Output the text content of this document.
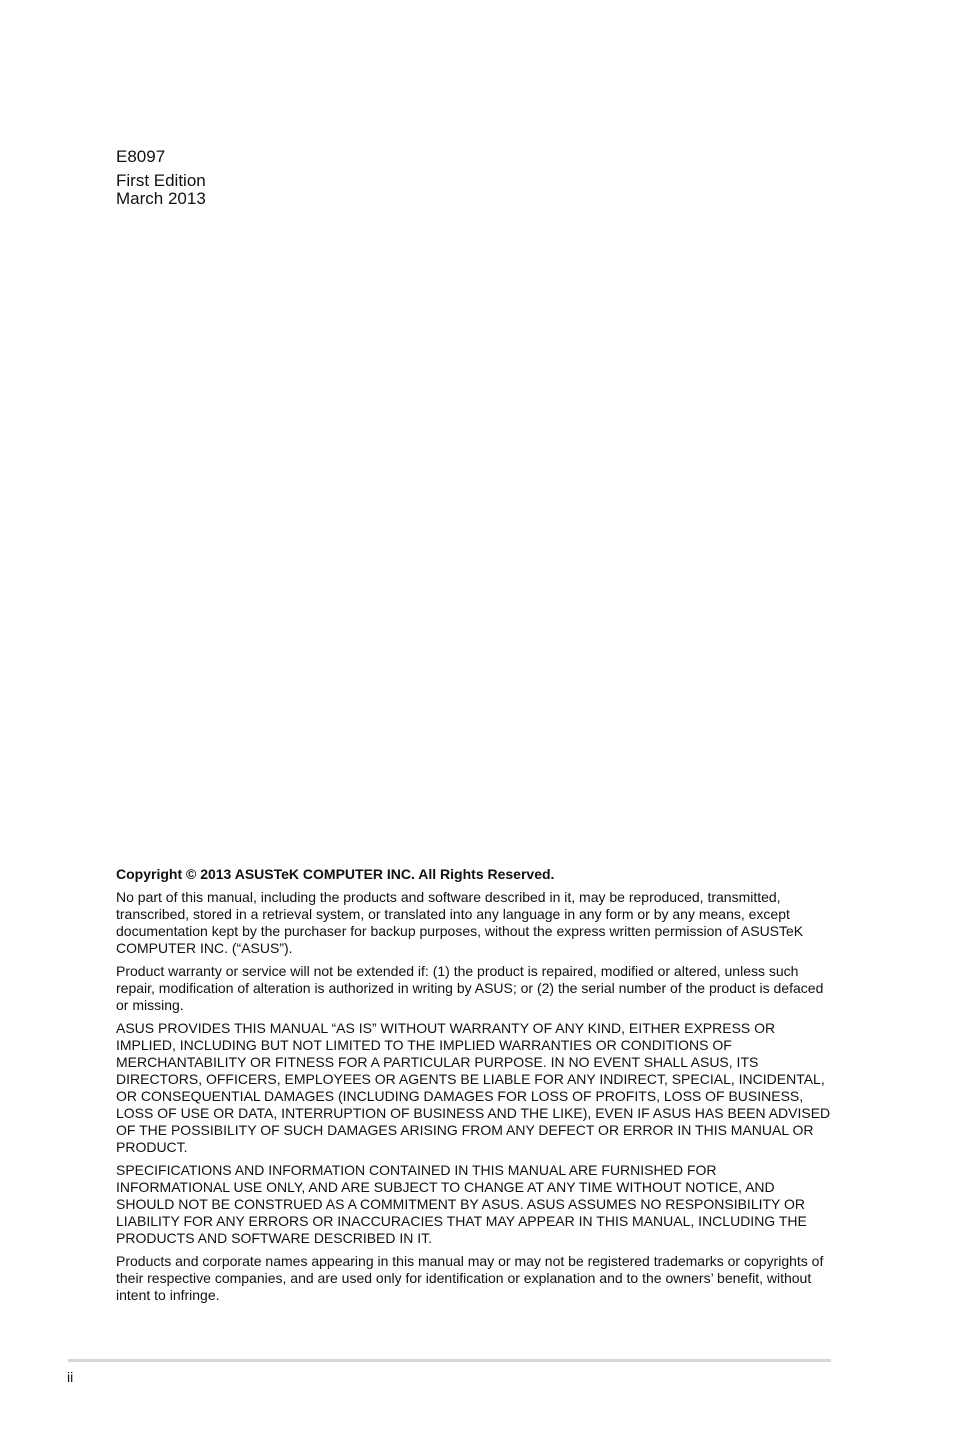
E8097
First Edition
March 2013

Copyright © 2013 ASUSTeK COMPUTER INC. All Rights Reserved.

No part of this manual, including the products and software described in it, may be reproduced, transmitted, transcribed, stored in a retrieval system, or translated into any language in any form or by any means, except documentation kept by the purchaser for backup purposes, without the express written permission of ASUSTeK COMPUTER INC. (“ASUS”).

Product warranty or service will not be extended if: (1) the product is repaired, modified or altered, unless such repair, modification of alteration is authorized in writing by ASUS; or (2) the serial number of the product is defaced or missing.

ASUS PROVIDES THIS MANUAL “AS IS” WITHOUT WARRANTY OF ANY KIND, EITHER EXPRESS OR IMPLIED, INCLUDING BUT NOT LIMITED TO THE IMPLIED WARRANTIES OR CONDITIONS OF MERCHANTABILITY OR FITNESS FOR A PARTICULAR PURPOSE. IN NO EVENT SHALL ASUS, ITS DIRECTORS, OFFICERS, EMPLOYEES OR AGENTS BE LIABLE FOR ANY INDIRECT, SPECIAL, INCIDENTAL, OR CONSEQUENTIAL DAMAGES (INCLUDING DAMAGES FOR LOSS OF PROFITS, LOSS OF BUSINESS, LOSS OF USE OR DATA, INTERRUPTION OF BUSINESS AND THE LIKE), EVEN IF ASUS HAS BEEN ADVISED OF THE POSSIBILITY OF SUCH DAMAGES ARISING FROM ANY DEFECT OR ERROR IN THIS MANUAL OR PRODUCT.

SPECIFICATIONS AND INFORMATION CONTAINED IN THIS MANUAL ARE FURNISHED FOR INFORMATIONAL USE ONLY, AND ARE SUBJECT TO CHANGE AT ANY TIME WITHOUT NOTICE, AND SHOULD NOT BE CONSTRUED AS A COMMITMENT BY ASUS. ASUS ASSUMES NO RESPONSIBILITY OR LIABILITY FOR ANY ERRORS OR INACCURACIES THAT MAY APPEAR IN THIS MANUAL, INCLUDING THE PRODUCTS AND SOFTWARE DESCRIBED IN IT.

Products and corporate names appearing in this manual may or may not be registered trademarks or copyrights of their respective companies, and are used only for identification or explanation and to the owners’ benefit, without intent to infringe.

ii
